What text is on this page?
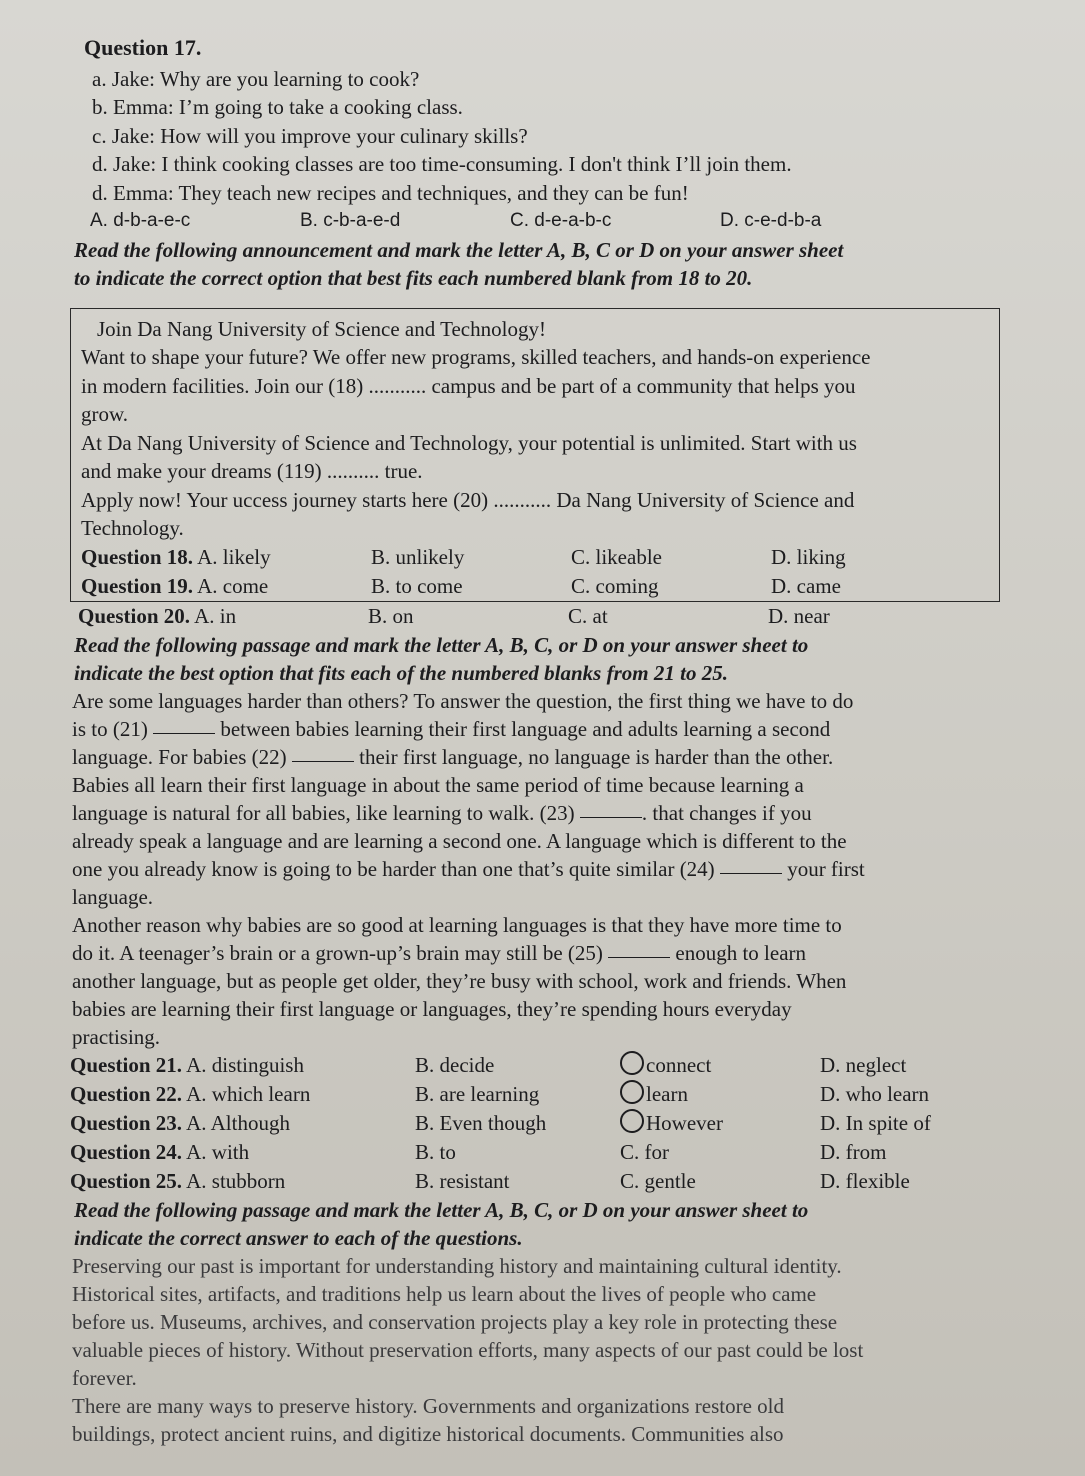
Question 17.
a. Jake: Why are you learning to cook?
b. Emma: I’m going to take a cooking class.
c. Jake: How will you improve your culinary skills?
d. Jake: I think cooking classes are too time-consuming. I don't think I’ll join them.
d. Emma: They teach new recipes and techniques, and they can be fun!
A. d-b-a-e-c	B. c-b-a-e-d	C. d-e-a-b-c	D. c-e-d-b-a
Read the following announcement and mark the letter A, B, C or D on your answer sheet
to indicate the correct option that best fits each numbered blank from 18 to 20.
Join Da Nang University of Science and Technology!
Want to shape your future? We offer new programs, skilled teachers, and hands-on experience
in modern facilities. Join our (18) ........... campus and be part of a community that helps you
grow.
At Da Nang University of Science and Technology, your potential is unlimited. Start with us
and make your dreams (119) .......... true.
Apply now! Your uccess journey starts here (20) ........... Da Nang University of Science and
Technology.
Question 18. A. likely	B. unlikely	C. likeable	D. liking
Question 19. A. come	B. to come	C. coming	D. came
Question 20. A. in	B. on	C. at	D. near
Read the following passage and mark the letter A, B, C, or D on your answer sheet to
indicate the best option that fits each of the numbered blanks from 21 to 25.
Are some languages harder than others? To answer the question, the first thing we have to do
is to (21)	between babies learning their first language and adults learning a second
language. For babies (22)	their first language, no language is harder than the other.
Babies all learn their first language in about the same period of time because learning a
language is natural for all babies, like learning to walk. (23)	. that changes if you
already speak a language and are learning a second one. A language which is different to the
one you already know is going to be harder than one that’s quite similar (24)	your first
language.
Another reason why babies are so good at learning languages is that they have more time to
do it. A teenager’s brain or a grown-up’s brain may still be (25)	enough to learn
another language, but as people get older, they’re busy with school, work and friends. When
babies are learning their first language or languages, they’re spending hours everyday
practising.
Question 21. A. distinguish	B. decide	connect	D. neglect
Question 22. A. which learn	B. are learning	learn	D. who learn
Question 23. A. Although	B. Even though	However	D. In spite of
Question 24. A. with	B. to	C. for	D. from
Question 25. A. stubborn	B. resistant	C. gentle	D. flexible
Read the following passage and mark the letter A, B, C, or D on your answer sheet to
indicate the correct answer to each of the questions.
Preserving our past is important for understanding history and maintaining cultural identity.
Historical sites, artifacts, and traditions help us learn about the lives of people who came
before us. Museums, archives, and conservation projects play a key role in protecting these
valuable pieces of history. Without preservation efforts, many aspects of our past could be lost
forever.
There are many ways to preserve history. Governments and organizations restore old
buildings, protect ancient ruins, and digitize historical documents. Communities also
